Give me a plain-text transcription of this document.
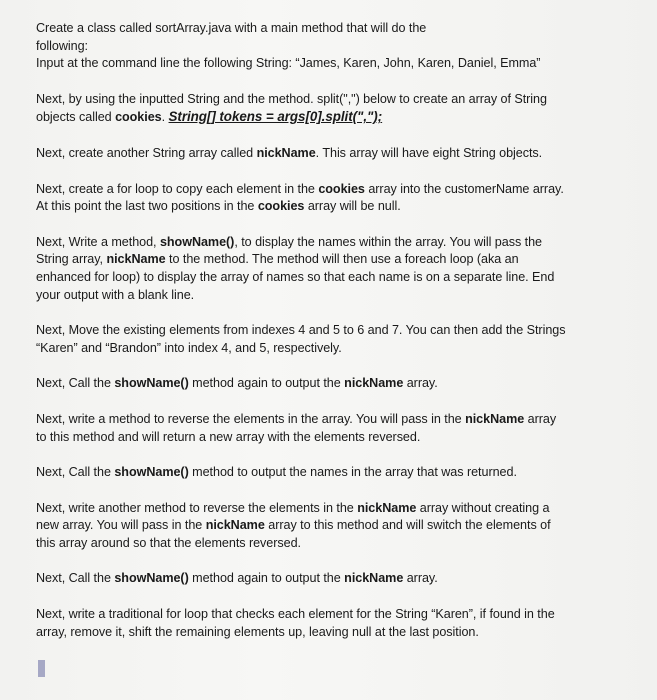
Create a class called sortArray.java with a main method that will do the
following:
Input at the command line the following String: “James, Karen, John, Karen, Daniel, Emma”
Next, by using the inputted String and the method. split(",") below to create an array of String
objects called cookies. String[] tokens = args[0].split(",");
Next, create another String array called nickName. This array will have eight String objects.
Next, create a for loop to copy each element in the cookies array into the customerName array.
At this point the last two positions in the cookies array will be null.
Next, Write a method, showName(), to display the names within the array. You will pass the
String array, nickName to the method. The method will then use a foreach loop (aka an
enhanced for loop) to display the array of names so that each name is on a separate line. End
your output with a blank line.
Next, Move the existing elements from indexes 4 and 5 to 6 and 7. You can then add the Strings
“Karen” and “Brandon” into index 4, and 5, respectively.
Next, Call the showName() method again to output the nickName array.
Next, write a method to reverse the elements in the array. You will pass in the nickName array
to this method and will return a new array with the elements reversed.
Next, Call the showName() method to output the names in the array that was returned.
Next, write another method to reverse the elements in the nickName array without creating a
new array. You will pass in the nickName array to this method and will switch the elements of
this array around so that the elements reversed.
Next, Call the showName() method again to output the nickName array.
Next, write a traditional for loop that checks each element for the String “Karen”, if found in the
array, remove it, shift the remaining elements up, leaving null at the last position.
